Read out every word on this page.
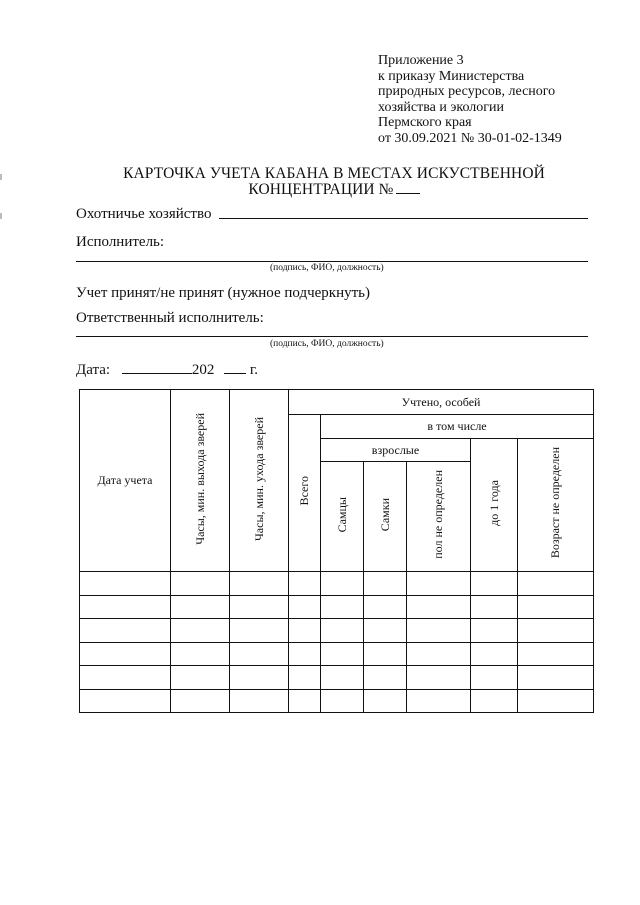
Приложение 3
к приказу Министерства
природных ресурсов, лесного
хозяйства и экологии
Пермского края
от 30.09.2021 № 30-01-02-1349
КАРТОЧКА УЧЕТА КАБАНА В МЕСТАХ ИСКУСТВЕННОЙ
КОНЦЕНТРАЦИИ №
Охотничье хозяйство
Исполнитель:
(подпись, ФИО, должность)
Учет принят/не принят (нужное подчеркнуть)
Ответственный исполнитель:
(подпись, ФИО, должность)
Дата:	202 г.
Дата учета	Часы, мин. выхода зверей	Часы, мин. ухода зверей	Учтено, особей					
			Всего	в том числе				
				взрослые			до 1 года	Возраст не определен
				Самцы	Самки	пол не определен		
